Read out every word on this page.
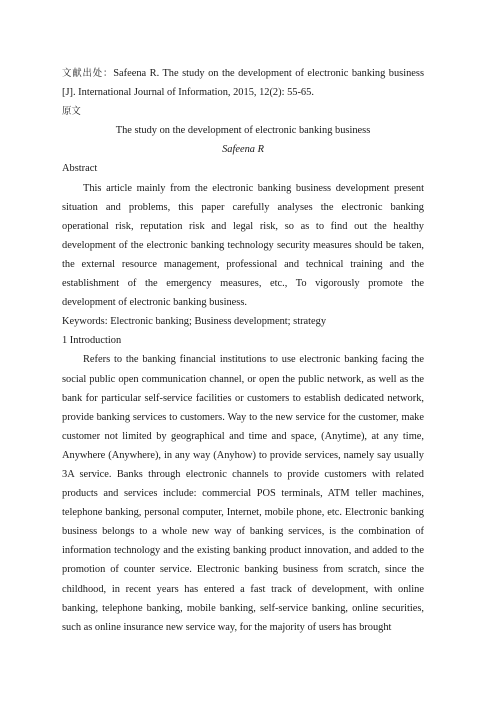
文献出处：Safeena R. The study on the development of electronic banking business [J]. International Journal of Information, 2015, 12(2): 55-65.

原文

The study on the development of electronic banking business

Safeena R

Abstract

This article mainly from the electronic banking business development present situation and problems, this paper carefully analyses the electronic banking operational risk, reputation risk and legal risk, so as to find out the healthy development of the electronic banking technology security measures should be taken, the external resource management, professional and technical training and the establishment of the emergency measures, etc., To vigorously promote the development of electronic banking business.

Keywords: Electronic banking; Business development; strategy

1 Introduction

Refers to the banking financial institutions to use electronic banking facing the social public open communication channel, or open the public network, as well as the bank for particular self-service facilities or customers to establish dedicated network, provide banking services to customers. Way to the new service for the customer, make customer not limited by geographical and time and space, (Anytime), at any time, Anywhere (Anywhere), in any way (Anyhow) to provide services, namely say usually 3A service. Banks through electronic channels to provide customers with related products and services include: commercial POS terminals, ATM teller machines, telephone banking, personal computer, Internet, mobile phone, etc. Electronic banking business belongs to a whole new way of banking services, is the combination of information technology and the existing banking product innovation, and added to the promotion of counter service. Electronic banking business from scratch, since the childhood, in recent years has entered a fast track of development, with online banking, telephone banking, mobile banking, self-service banking, online securities, such as online insurance new service way, for the majority of users has brought
